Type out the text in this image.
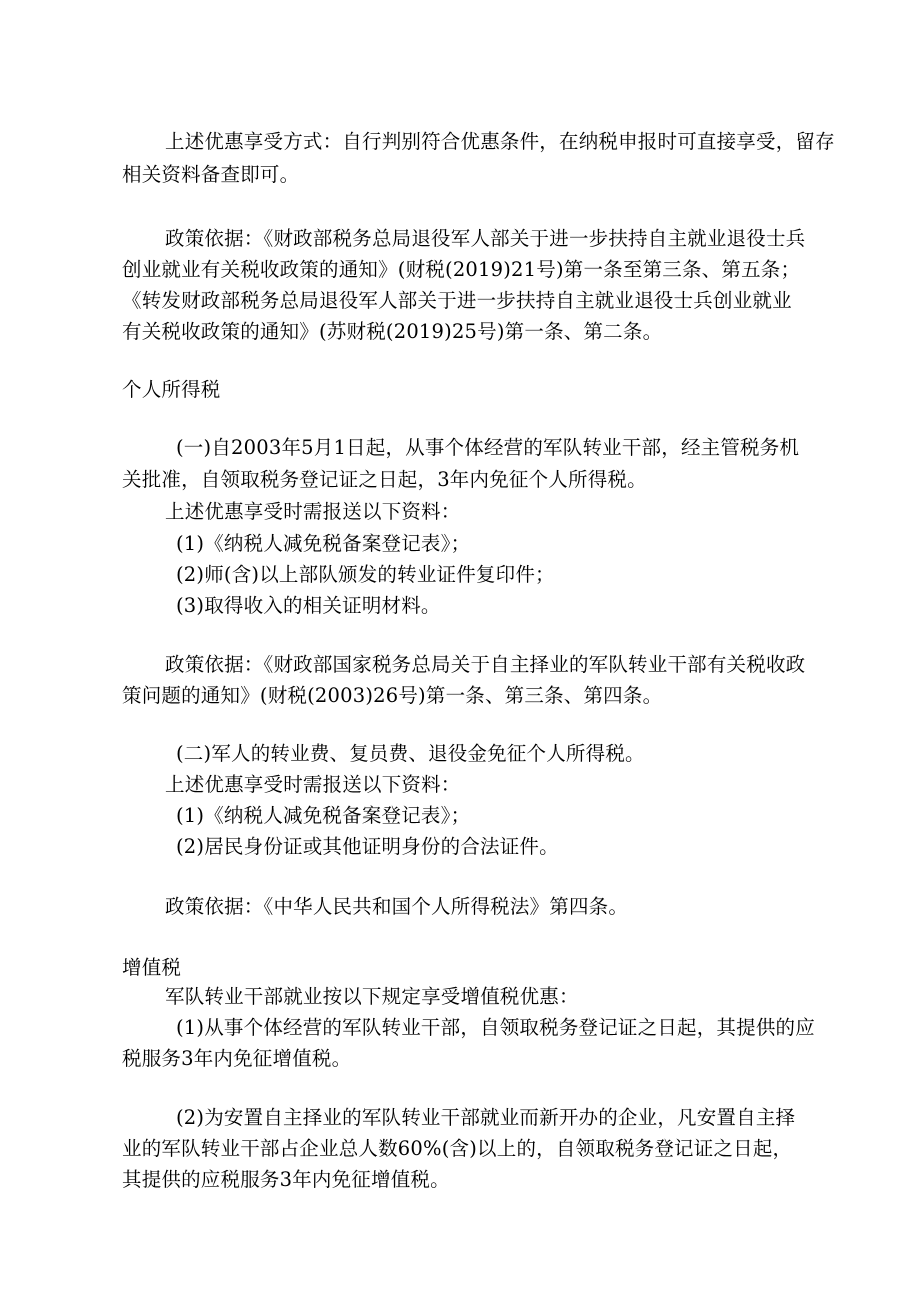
上述优惠享受方式：自行判别符合优惠条件，在纳税申报时可直接享受，留存
相关资料备查即可。
政策依据：《财政部税务总局退役军人部关于进一步扶持自主就业退役士兵
创业就业有关税收政策的通知》(财税(2019)21号)第一条至第三条、第五条；
《转发财政部税务总局退役军人部关于进一步扶持自主就业退役士兵创业就业
有关税收政策的通知》(苏财税(2019)25号)第一条、第二条。
个人所得税
(一)自2003年5月1日起，从事个体经营的军队转业干部，经主管税务机
关批准，自领取税务登记证之日起，3年内免征个人所得税。
上述优惠享受时需报送以下资料：
(1)《纳税人减免税备案登记表》；
(2)师(含)以上部队颁发的转业证件复印件；
(3)取得收入的相关证明材料。
政策依据：《财政部国家税务总局关于自主择业的军队转业干部有关税收政
策问题的通知》(财税(2003)26号)第一条、第三条、第四条。
(二)军人的转业费、复员费、退役金免征个人所得税。
上述优惠享受时需报送以下资料：
(1)《纳税人减免税备案登记表》；
(2)居民身份证或其他证明身份的合法证件。
政策依据：《中华人民共和国个人所得税法》第四条。
增值税
军队转业干部就业按以下规定享受增值税优惠：
(1)从事个体经营的军队转业干部，自领取税务登记证之日起，其提供的应
税服务3年内免征增值税。
(2)为安置自主择业的军队转业干部就业而新开办的企业，凡安置自主择
业的军队转业干部占企业总人数60%(含)以上的，自领取税务登记证之日起，
其提供的应税服务3年内免征增值税。
